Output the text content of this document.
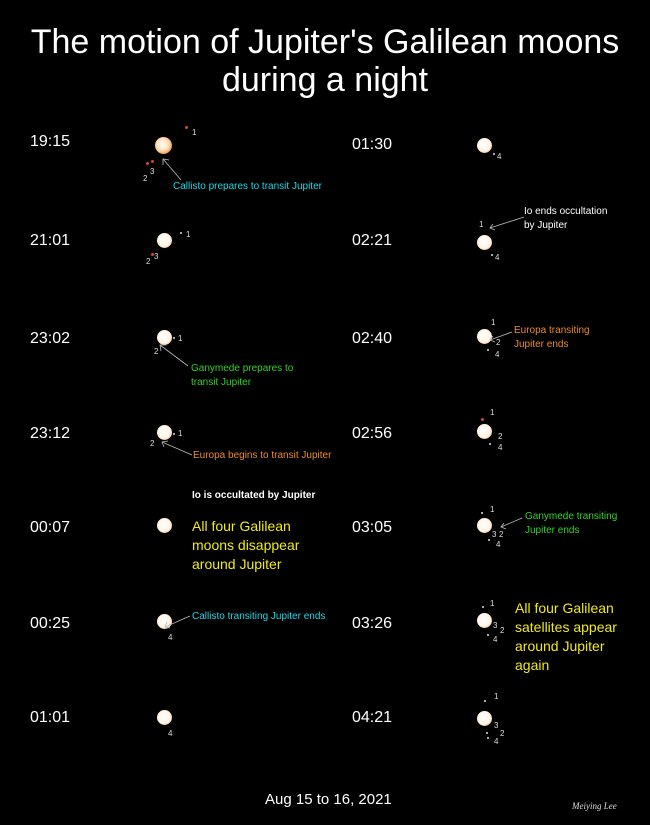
The motion of Jupiter's Galilean moons
during a night
19:15
21:01
23:02
23:12
00:07
00:25
01:01
01:30
02:21
02:40
02:56
03:05
03:26
04:21
1
2
3
Callisto prepares to transit Jupiter
1
2
3
1
2
Ganymede prepares to
transit Jupiter
1
2
Europa begins to transit Jupiter
Io is occultated by Jupiter
All four Galilean
moons disappear
around Jupiter
4
Callisto transiting Jupiter ends
4
4
1
4
Io ends occultation
by Jupiter
1
2
4
Europa transiting
Jupiter ends
1
2
4
1
3 2
4
Ganymede transiting
Jupiter ends
1
3
2
4
All four Galilean
satellites appear
around Jupiter
again
1
3
2
4
Aug 15 to 16, 2021	Meiying Lee
